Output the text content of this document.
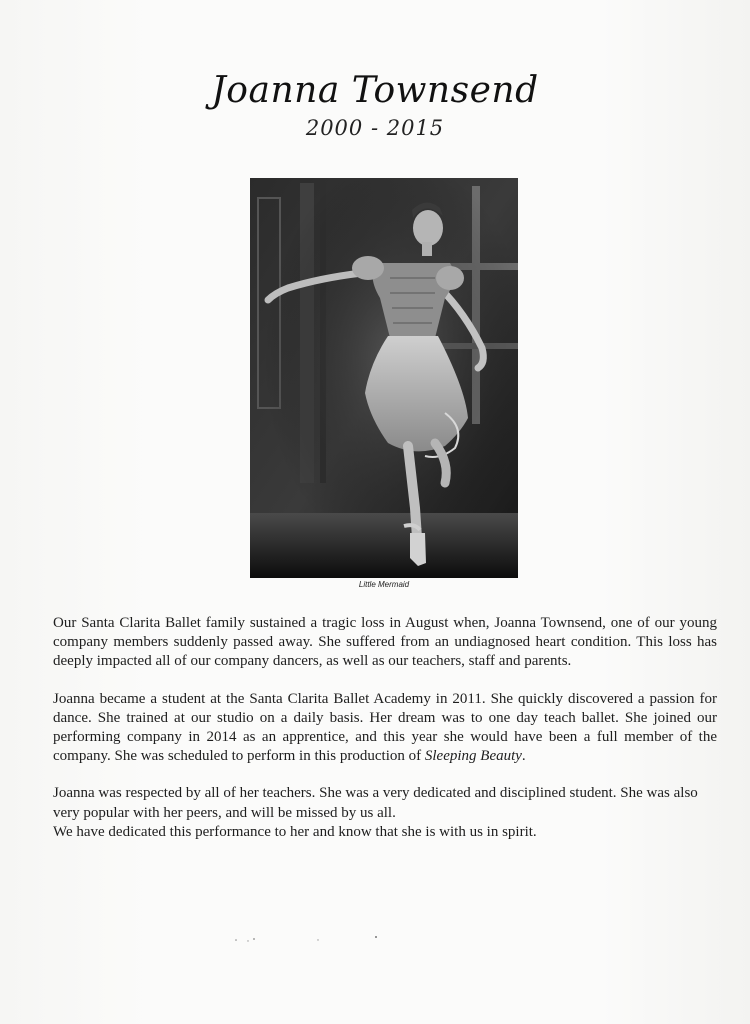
Joanna Townsend
2000 - 2015
Little Mermaid

Our Santa Clarita Ballet family sustained a tragic loss in August when, Joanna Townsend, one of our young company members suddenly passed away. She suffered from an undiagnosed heart condition. This loss has deeply impacted all of our company dancers, as well as our teachers, staff and parents.

Joanna became a student at the Santa Clarita Ballet Academy in 2011. She quickly discovered a passion for dance. She trained at our studio on a daily basis. Her dream was to one day teach ballet. She joined our performing company in 2014 as an apprentice, and this year she would have been a full member of the company. She was scheduled to perform in this production of Sleeping Beauty.

Joanna was respected by all of her teachers. She was a very dedicated and disciplined student. She was also very popular with her peers, and will be missed by us all.
We have dedicated this performance to her and know that she is with us in spirit.
